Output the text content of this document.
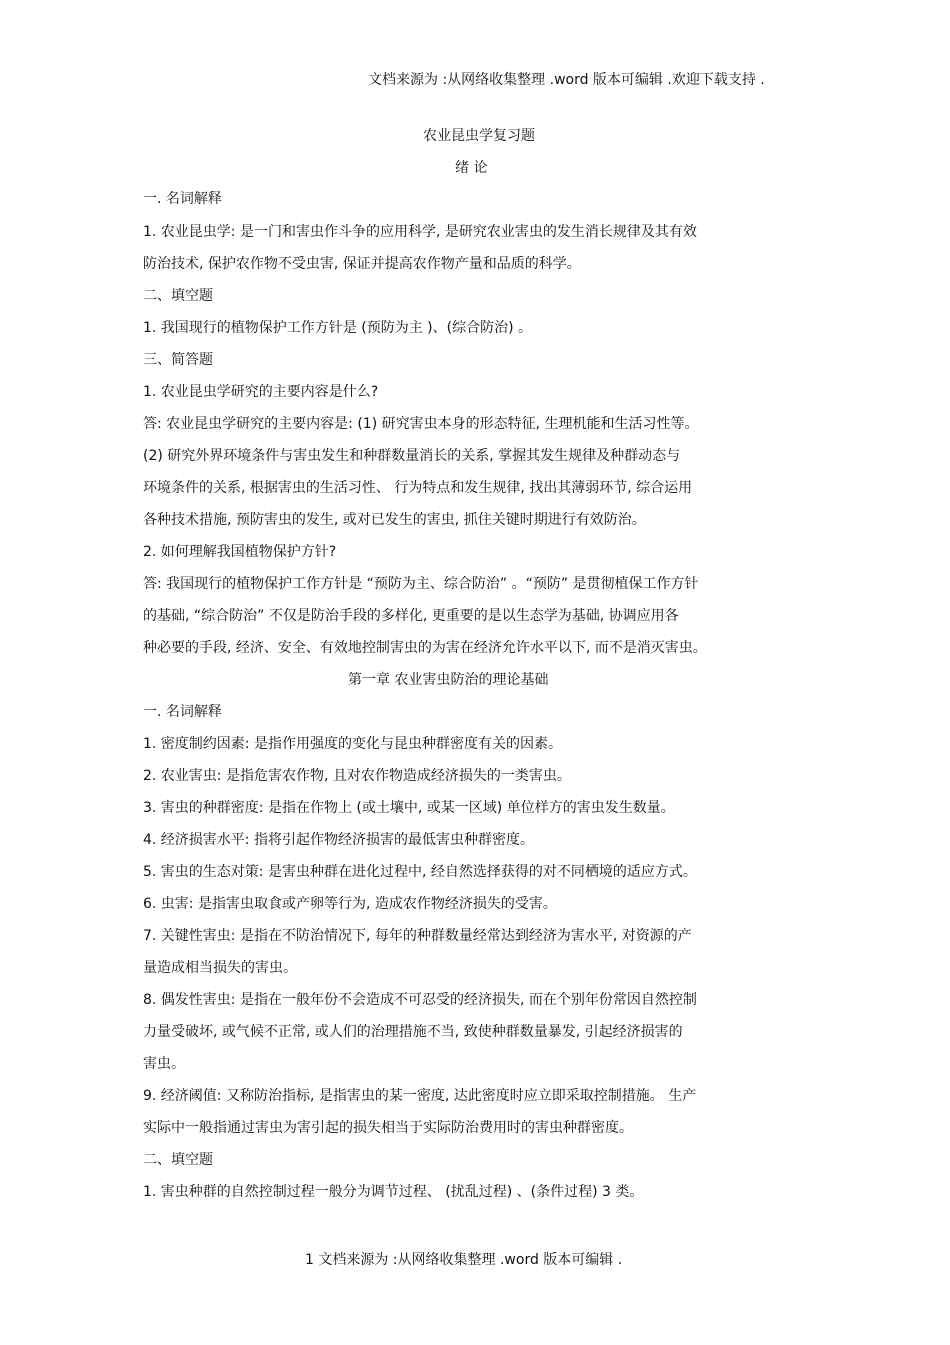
文档来源为 :从网络收集整理 .word 版本可编辑 .欢迎下载支持 .
农业昆虫学复习题
绪 论
一. 名词解释
1. 农业昆虫学: 是一门和害虫作斗争的应用科学, 是研究农业害虫的发生消长规律及其有效
防治技术, 保护农作物不受虫害, 保证并提高农作物产量和品质的科学。
二、填空题
1. 我国现行的植物保护工作方针是 (预防为主 )、(综合防治) 。
三、简答题
1. 农业昆虫学研究的主要内容是什么?
答: 农业昆虫学研究的主要内容是: (1) 研究害虫本身的形态特征, 生理机能和生活习性等。
(2) 研究外界环境条件与害虫发生和种群数量消长的关系, 掌握其发生规律及种群动态与
环境条件的关系, 根据害虫的生活习性、 行为特点和发生规律, 找出其薄弱环节, 综合运用
各种技术措施, 预防害虫的发生, 或对已发生的害虫, 抓住关键时期进行有效防治。
2. 如何理解我国植物保护方针?
答: 我国现行的植物保护工作方针是 “预防为主、综合防治” 。“预防” 是贯彻植保工作方针
的基础, “综合防治” 不仅是防治手段的多样化, 更重要的是以生态学为基础, 协调应用各
种必要的手段, 经济、安全、有效地控制害虫的为害在经济允许水平以下, 而不是消灭害虫。
第一章 农业害虫防治的理论基础
一. 名词解释
1. 密度制约因素: 是指作用强度的变化与昆虫种群密度有关的因素。
2. 农业害虫: 是指危害农作物, 且对农作物造成经济损失的一类害虫。
3. 害虫的种群密度: 是指在作物上 (或土壤中, 或某一区域) 单位样方的害虫发生数量。
4. 经济损害水平: 指将引起作物经济损害的最低害虫种群密度。
5. 害虫的生态对策: 是害虫种群在进化过程中, 经自然选择获得的对不同栖境的适应方式。
6. 虫害: 是指害虫取食或产卵等行为, 造成农作物经济损失的受害。
7. 关键性害虫: 是指在不防治情况下, 每年的种群数量经常达到经济为害水平, 对资源的产
量造成相当损失的害虫。
8. 偶发性害虫: 是指在一般年份不会造成不可忍受的经济损失, 而在个别年份常因自然控制
力量受破坏, 或气候不正常, 或人们的治理措施不当, 致使种群数量暴发, 引起经济损害的
害虫。
9. 经济阈值: 又称防治指标, 是指害虫的某一密度, 达此密度时应立即采取控制措施。 生产
实际中一般指通过害虫为害引起的损失相当于实际防治费用时的害虫种群密度。
二、填空题
1. 害虫种群的自然控制过程一般分为调节过程、 (扰乱过程) 、(条件过程) 3 类。
1 文档来源为 :从网络收集整理 .word 版本可编辑 .
